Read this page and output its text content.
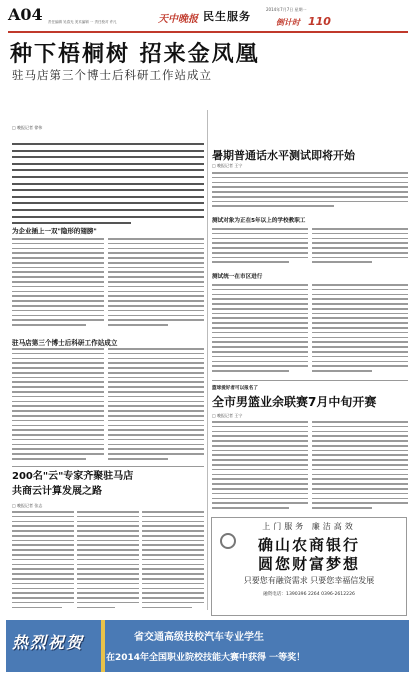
A04 责任编辑 吴春光 美术编辑 一 责任校对 许凡	天中晚报 民生服务
2014年7月7日 星期一
倒计时 110
种下梧桐树 招来金凤凰
驻马店第三个博士后科研工作站成立
□ 晚报记者 徐伟
为企业插上一双"隐形的翅膀"
驻马店第三个博士后科研工作站成立
200名"云"专家齐聚驻马店
共商云计算发展之路
□ 晚报记者 张志
暑期普通话水平测试即将开始
□ 晚报记者 王宁
测试对象为正在5年以上的学校教职工
测试统一在市区进行
篮球爱好者可以报名了
全市男篮业余联赛7月中旬开赛
□ 晚报记者 王宁
上门服务 廉洁高效
确山农商银行
圆您财富梦想
只要您有融资需求 只要您幸福信发展
融资电话：1390396 2264 0396-2612226
热烈祝贺	省交通高级技校汽车专业学生
在2014年全国职业院校技能大赛中获得 一等奖！
